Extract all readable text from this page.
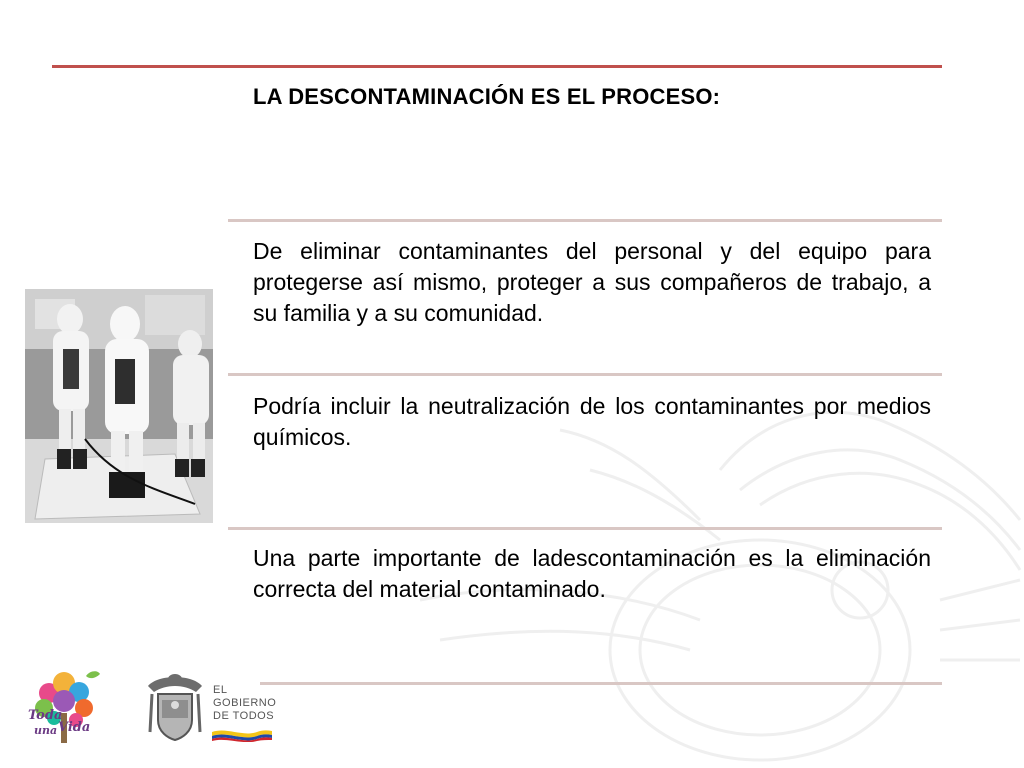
LA DESCONTAMINACIÓN ES EL PROCESO:
De eliminar contaminantes del personal y del equipo para protegerse así mismo, proteger a sus compañeros de trabajo, a su familia y a su comunidad.
Podría incluir la neutralización de los contaminantes por medios químicos.
Una parte importante de ladescontaminación es la eliminación correcta del material contaminado.
Toda
una Vida
EL
GOBIERNO
DE TODOS
